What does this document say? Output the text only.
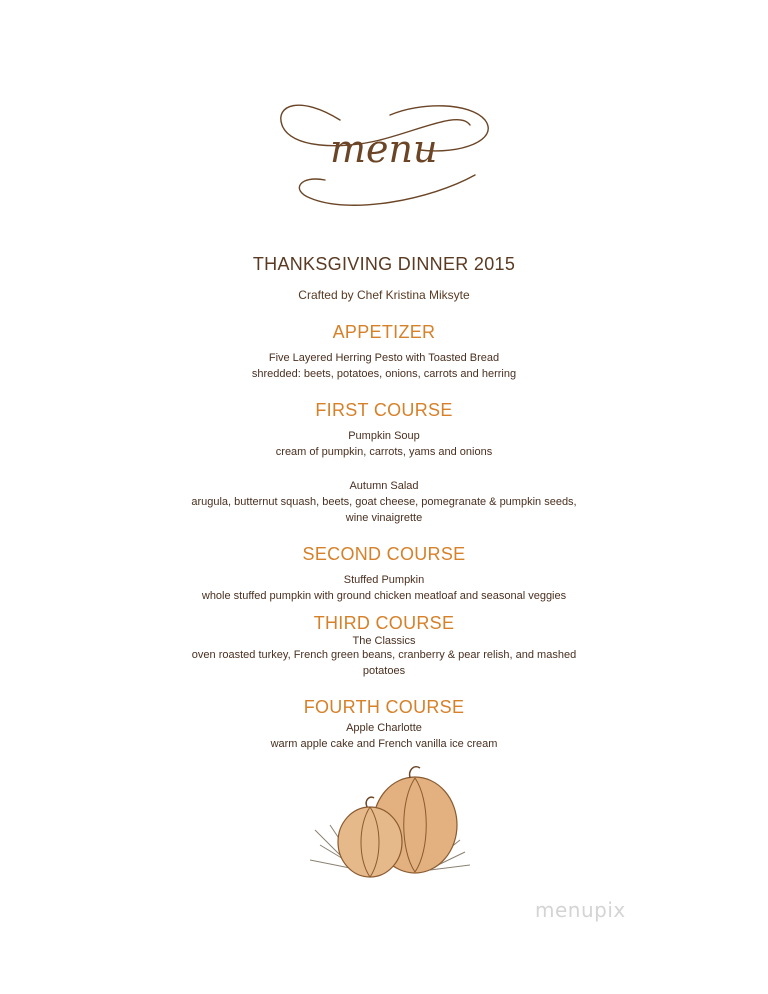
menu
THANKSGIVING DINNER 2015
Crafted by Chef Kristina Miksyte
APPETIZER
Five Layered Herring Pesto with Toasted Bread
shredded: beets, potatoes, onions, carrots and herring
FIRST COURSE
Pumpkin Soup
cream of pumpkin, carrots, yams and onions
Autumn Salad
arugula, butternut squash, beets, goat cheese, pomegranate & pumpkin seeds,
wine vinaigrette
SECOND COURSE
Stuffed Pumpkin
whole stuffed pumpkin with ground chicken meatloaf and seasonal veggies
THIRD COURSE
The Classics
oven roasted turkey, French green beans, cranberry & pear relish, and mashed
potatoes
FOURTH COURSE
Apple Charlotte
warm apple cake and French vanilla ice cream
menupix
